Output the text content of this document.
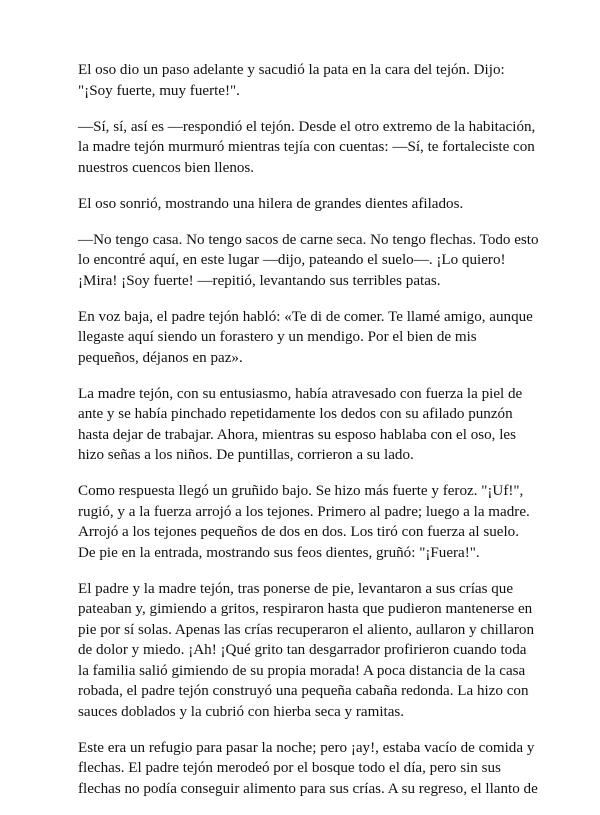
El oso dio un paso adelante y sacudió la pata en la cara del tejón. Dijo:
"¡Soy fuerte, muy fuerte!".

—Sí, sí, así es —respondió el tejón. Desde el otro extremo de la habitación,
la madre tejón murmuró mientras tejía con cuentas: —Sí, te fortaleciste con
nuestros cuencos bien llenos.

El oso sonrió, mostrando una hilera de grandes dientes afilados.

—No tengo casa. No tengo sacos de carne seca. No tengo flechas. Todo esto
lo encontré aquí, en este lugar —dijo, pateando el suelo—. ¡Lo quiero!
¡Mira! ¡Soy fuerte! —repitió, levantando sus terribles patas.

En voz baja, el padre tejón habló: «Te di de comer. Te llamé amigo, aunque
llegaste aquí siendo un forastero y un mendigo. Por el bien de mis
pequeños, déjanos en paz».

La madre tejón, con su entusiasmo, había atravesado con fuerza la piel de
ante y se había pinchado repetidamente los dedos con su afilado punzón
hasta dejar de trabajar. Ahora, mientras su esposo hablaba con el oso, les
hizo señas a los niños. De puntillas, corrieron a su lado.

Como respuesta llegó un gruñido bajo. Se hizo más fuerte y feroz. "¡Uf!",
rugió, y a la fuerza arrojó a los tejones. Primero al padre; luego a la madre.
Arrojó a los tejones pequeños de dos en dos. Los tiró con fuerza al suelo.
De pie en la entrada, mostrando sus feos dientes, gruñó: "¡Fuera!".

El padre y la madre tejón, tras ponerse de pie, levantaron a sus crías que
pateaban y, gimiendo a gritos, respiraron hasta que pudieron mantenerse en
pie por sí solas. Apenas las crías recuperaron el aliento, aullaron y chillaron
de dolor y miedo. ¡Ah! ¡Qué grito tan desgarrador profirieron cuando toda
la familia salió gimiendo de su propia morada! A poca distancia de la casa
robada, el padre tejón construyó una pequeña cabaña redonda. La hizo con
sauces doblados y la cubrió con hierba seca y ramitas.

Este era un refugio para pasar la noche; pero ¡ay!, estaba vacío de comida y
flechas. El padre tejón merodeó por el bosque todo el día, pero sin sus
flechas no podía conseguir alimento para sus crías. A su regreso, el llanto de
